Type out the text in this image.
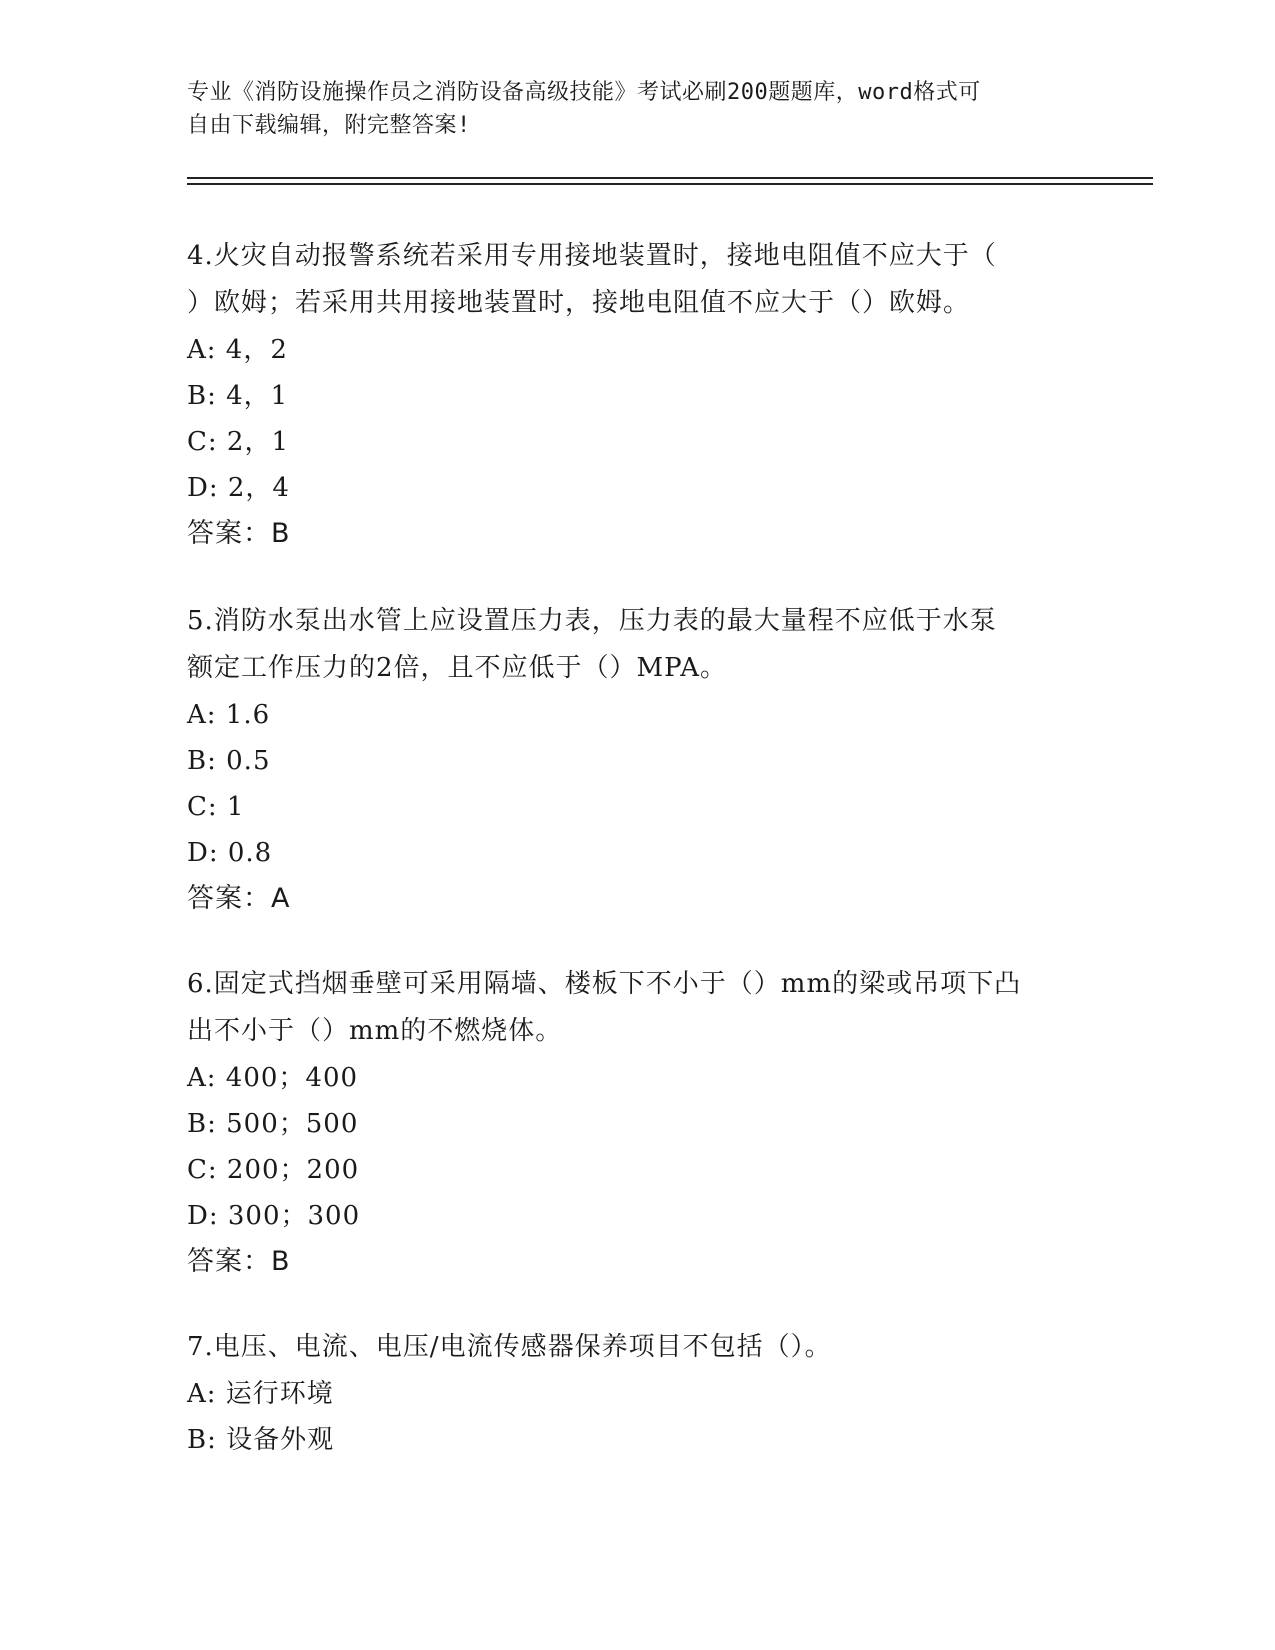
专业《消防设施操作员之消防设备高级技能》考试必刷200题题库，word格式可

自由下载编辑，附完整答案!

4.火灾自动报警系统若采用专用接地装置时，接地电阻值不应大于（

）欧姆；若采用共用接地装置时，接地电阻值不应大于（）欧姆。

A: 4，2

B: 4，1

C: 2，1

D: 2，4

答案：B

5.消防水泵出水管上应设置压力表，压力表的最大量程不应低于水泵

额定工作压力的2倍，且不应低于（）MPA。

A: 1.6

B: 0.5

C: 1

D: 0.8

答案：A

6.固定式挡烟垂壁可采用隔墙、楼板下不小于（）mm的梁或吊项下凸

出不小于（）mm的不燃烧体。

A: 400；400

B: 500；500

C: 200；200

D: 300；300

答案：B

7.电压、电流、电压/电流传感器保养项目不包括（）。

A: 运行环境

B: 设备外观
